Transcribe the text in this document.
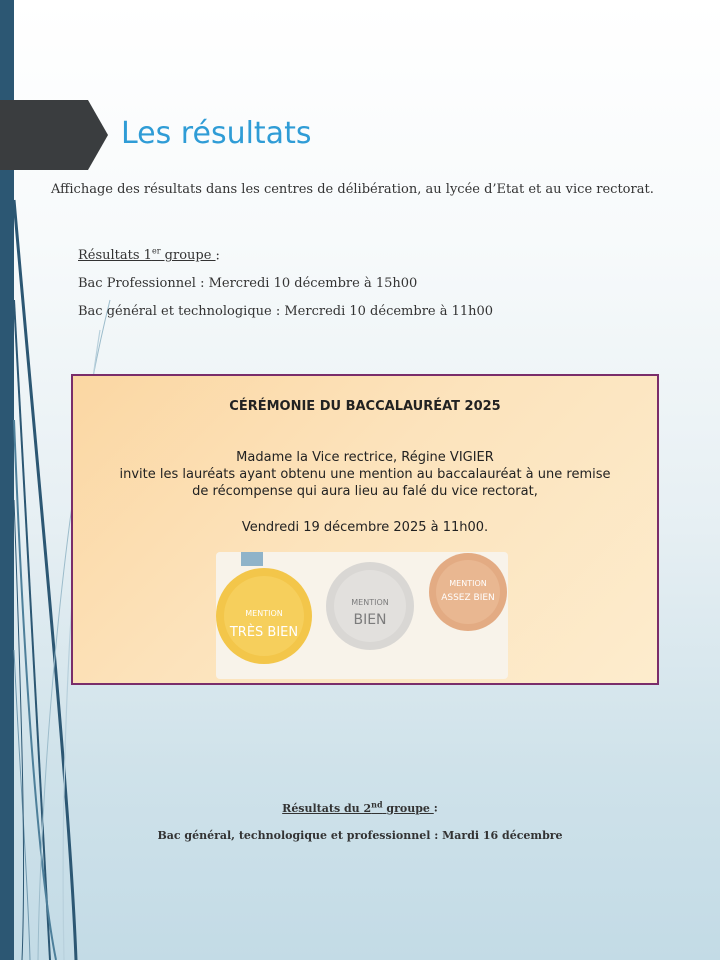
Les résultats
Affichage des résultats dans les centres de délibération, au lycée d’Etat et au vice rectorat.
Résultats 1er groupe :
Bac Professionnel : Mercredi 10 décembre à 15h00
Bac général et technologique : Mercredi 10 décembre à 11h00
CÉRÉMONIE DU BACCALAURÉAT 2025
Madame la Vice rectrice, Régine VIGIER
invite les lauréats ayant obtenu une mention au baccalauréat à une remise
de récompense qui aura lieu au falé du vice rectorat,
Vendredi 19 décembre 2025 à 11h00.
MENTION
TRÈS BIEN
MENTION
BIEN
MENTION
ASSEZ BIEN
Résultats du 2nd groupe :
Bac général, technologique et professionnel : Mardi 16 décembre
